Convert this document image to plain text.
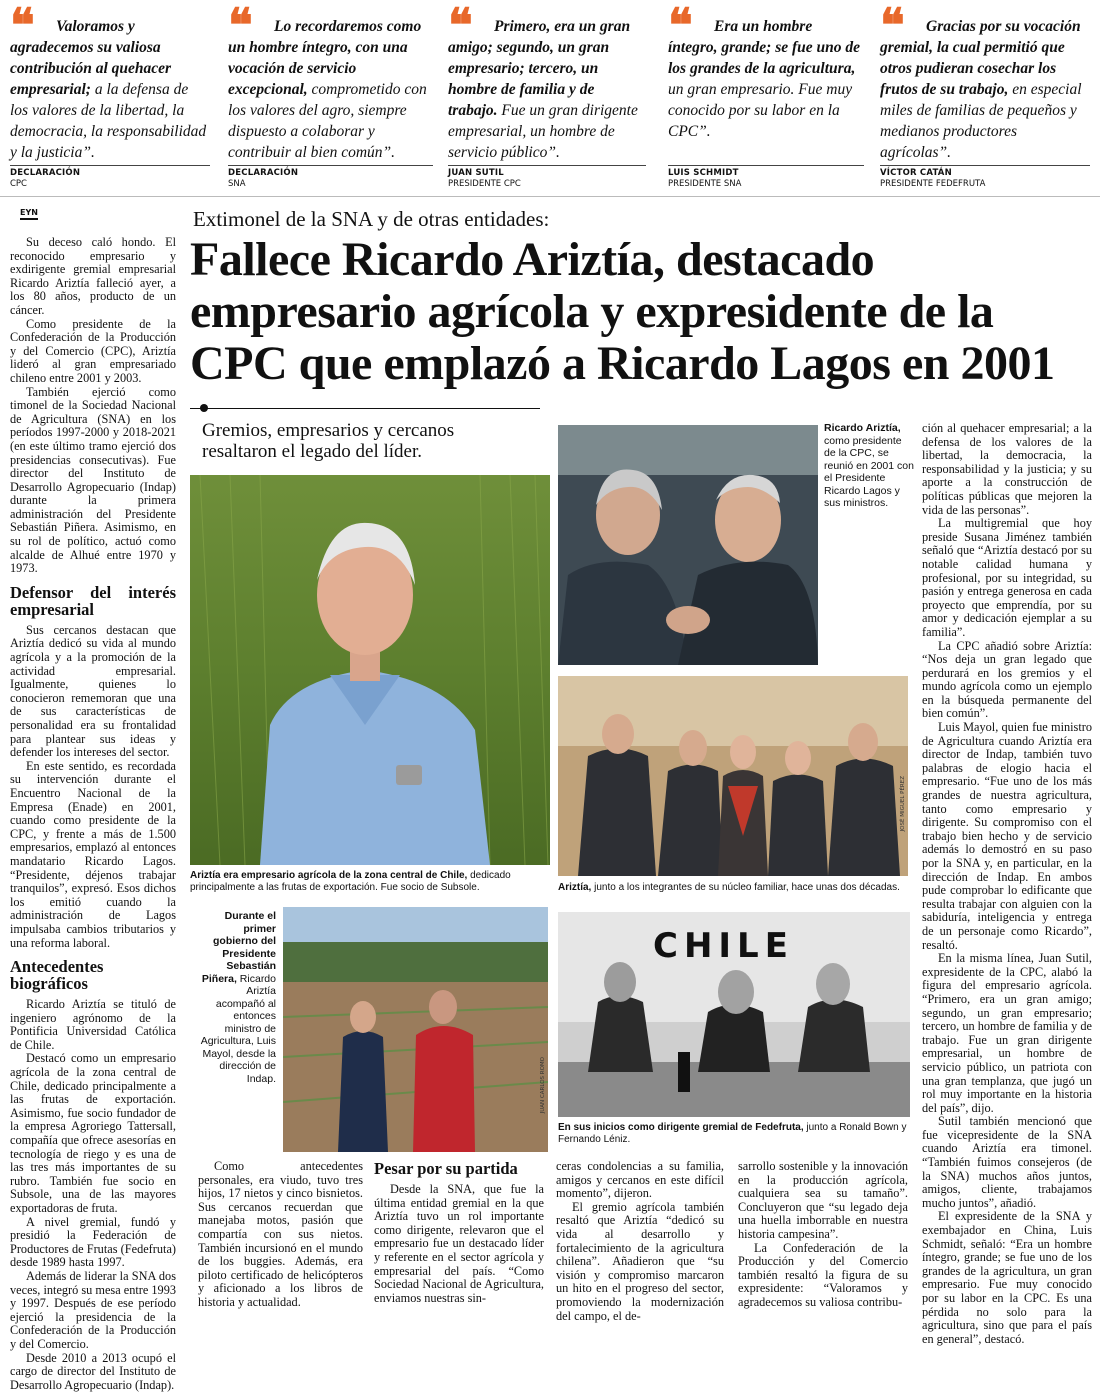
❝	Valoramos y agradecemos su valiosa contribución al quehacer empresarial; a la defensa de los valores de la libertad, la democracia, la responsabilidad y la justicia”.

DECLARACIÓN
CPC
❝	Lo recordaremos como un hombre íntegro, con una vocación de servicio excepcional, comprometido con los valores del agro, siempre dispuesto a colaborar y contribuir al bien común”.

DECLARACIÓN
SNA
❝	Primero, era un gran amigo; segundo, un gran empresario; tercero, un hombre de familia y de trabajo. Fue un gran dirigente empresarial, un hombre de servicio público”.

JUAN SUTIL
PRESIDENTE CPC
❝	Era un hombre íntegro, grande; se fue uno de los grandes de la agricultura, un gran empresario. Fue muy conocido por su labor en la CPC”.

LUIS SCHMIDT
PRESIDENTE SNA
❝	Gracias por su vocación gremial, la cual permitió que otros pudieran cosechar los frutos de su trabajo, en especial miles de familias de pequeños y medianos productores agrícolas”.

VÍCTOR CATÁN
PRESIDENTE FEDEFRUTA
EYN

Su deceso caló hondo. El reconocido empresario y exdirigente gremial empresarial Ricardo Ariztía falleció ayer, a los 80 años, producto de un cáncer.

Como presidente de la Confederación de la Producción y del Comercio (CPC), Ariztía lideró al gran empresariado chileno entre 2001 y 2003.

También ejerció como timonel de la Sociedad Nacional de Agricultura (SNA) en los períodos 1997-2000 y 2018-2021 (en este último tramo ejerció dos presidencias consecutivas). Fue director del Instituto de Desarrollo Agropecuario (Indap) durante la primera administración del Presidente Sebastián Piñera. Asimismo, en su rol de político, actuó como alcalde de Alhué entre 1970 y 1973.

Defensor del interés empresarial

Sus cercanos destacan que Ariztía dedicó su vida al mundo agrícola y a la promoción de la actividad empresarial. Igualmente, quienes lo conocieron rememoran que una de sus características de personalidad era su frontalidad para plantear sus ideas y defender los intereses del sector.

En este sentido, es recordada su intervención durante el Encuentro Nacional de la Empresa (Enade) en 2001, cuando como presidente de la CPC, y frente a más de 1.500 empresarios, emplazó al entonces mandatario Ricardo Lagos. “Presidente, déjenos trabajar tranquilos”, expresó. Esos dichos los emitió cuando la administración de Lagos impulsaba cambios tributarios y una reforma laboral.

Antecedentes biográficos

Ricardo Ariztía se tituló de ingeniero agrónomo de la Pontificia Universidad Católica de Chile.

Destacó como un empresario agrícola de la zona central de Chile, dedicado principalmente a las frutas de exportación. Asimismo, fue socio fundador de la empresa Agroriego Tattersall, compañía que ofrece asesorías en tecnología de riego y es una de las tres más importantes de su rubro. También fue socio en Subsole, una de las mayores exportadoras de fruta.

A nivel gremial, fundó y presidió la Federación de Productores de Frutas (Fedefruta) desde 1989 hasta 1997.

Además de liderar la SNA dos veces, integró su mesa entre 1993 y 1997. Después de ese período ejerció la presidencia de la Confederación de la Producción y del Comercio.

Desde 2010 a 2013 ocupó el cargo de director del Instituto de Desarrollo Agropecuario (Indap).

Extimonel de la SNA y de otras entidades:
Fallece Ricardo Ariztía, destacado empresario agrícola y expresidente de la CPC que emplazó a Ricardo Lagos en 2001
Gremios, empresarios y cercanos resaltaron el legado del líder.
Ariztía era empresario agrícola de la zona central de Chile, dedicado principalmente a las frutas de exportación. Fue socio de Subsole.
Ricardo Ariztía, como presidente de la CPC, se reunió en 2001 con el Presidente Ricardo Lagos y sus ministros.
JOSÉ MIGUEL PÉREZ
Ariztía, junto a los integrantes de su núcleo familiar, hace unas dos décadas.
Durante el primer gobierno del Presidente Sebastián Piñera, Ricardo Ariztía acompañó al entonces ministro de Agricultura, Luis Mayol, desde la dirección de Indap.	JUAN CARLOS ROMO
CHILE
En sus inicios como dirigente gremial de Fedefruta, junto a Ronald Bown y Fernando Léniz.

Como antecedentes personales, era viudo, tuvo tres hijos, 17 nietos y cinco bisnietos. Sus cercanos recuerdan que manejaba motos, pasión que compartía con sus nietos. También incursionó en el mundo de los buggies. Además, era piloto certificado de helicópteros y aficionado a los libros de historia y actualidad.

Pesar por su partida

Desde la SNA, que fue la última entidad gremial en la que Ariztía tuvo un rol importante como dirigente, relevaron que el empresario fue un destacado líder y referente en el sector agrícola y empresarial del país. “Como Sociedad Nacional de Agricultura, enviamos nuestras sin-

ceras condolencias a su familia, amigos y cercanos en este difícil momento”, dijeron.

El gremio agrícola también resaltó que Ariztía “dedicó su vida al desarrollo y fortalecimiento de la agricultura chilena”. Añadieron que “su visión y compromiso marcaron un hito en el progreso del sector, promoviendo la modernización del campo, el de-

sarrollo sostenible y la innovación en la producción agrícola, cualquiera sea su tamaño”. Concluyeron que “su legado deja una huella imborrable en nuestra historia campesina”.

La Confederación de la Producción y del Comercio también resaltó la figura de su expresidente: “Valoramos y agradecemos su valiosa contribu-

ción al quehacer empresarial; a la defensa de los valores de la libertad, la democracia, la responsabilidad y la justicia; y su aporte a la construcción de políticas públicas que mejoren la vida de las personas”.

La multigremial que hoy preside Susana Jiménez también señaló que “Ariztía destacó por su notable calidad humana y profesional, por su integridad, su pasión y entrega generosa en cada proyecto que emprendía, por su amor y dedicación ejemplar a su familia”.

La CPC añadió sobre Ariztía: “Nos deja un gran legado que perdurará en los gremios y el mundo agrícola como un ejemplo en la búsqueda permanente del bien común”.

Luis Mayol, quien fue ministro de Agricultura cuando Ariztía era director de Indap, también tuvo palabras de elogio hacia el empresario. “Fue uno de los más grandes de nuestra agricultura, tanto como empresario y dirigente. Su compromiso con el trabajo bien hecho y de servicio además lo demostró en su paso por la SNA y, en particular, en la dirección de Indap. En ambos pude comprobar lo edificante que resulta trabajar con alguien con la sabiduría, inteligencia y entrega de un personaje como Ricardo”, resaltó.

En la misma línea, Juan Sutil, expresidente de la CPC, alabó la figura del empresario agrícola. “Primero, era un gran amigo; segundo, un gran empresario; tercero, un hombre de familia y de trabajo. Fue un gran dirigente empresarial, un hombre de servicio público, un patriota con una gran templanza, que jugó un rol muy importante en la historia del país”, dijo.

Sutil también mencionó que fue vicepresidente de la SNA cuando Ariztía era timonel. “También fuimos consejeros (de la SNA) muchos años juntos, amigos, cliente, trabajamos mucho juntos”, añadió.

El expresidente de la SNA y exembajador en China, Luis Schmidt, señaló: “Era un hombre íntegro, grande; se fue uno de los grandes de la agricultura, un gran empresario. Fue muy conocido por su labor en la CPC. Es una pérdida no solo para la agricultura, sino que para el país en general”, destacó.
